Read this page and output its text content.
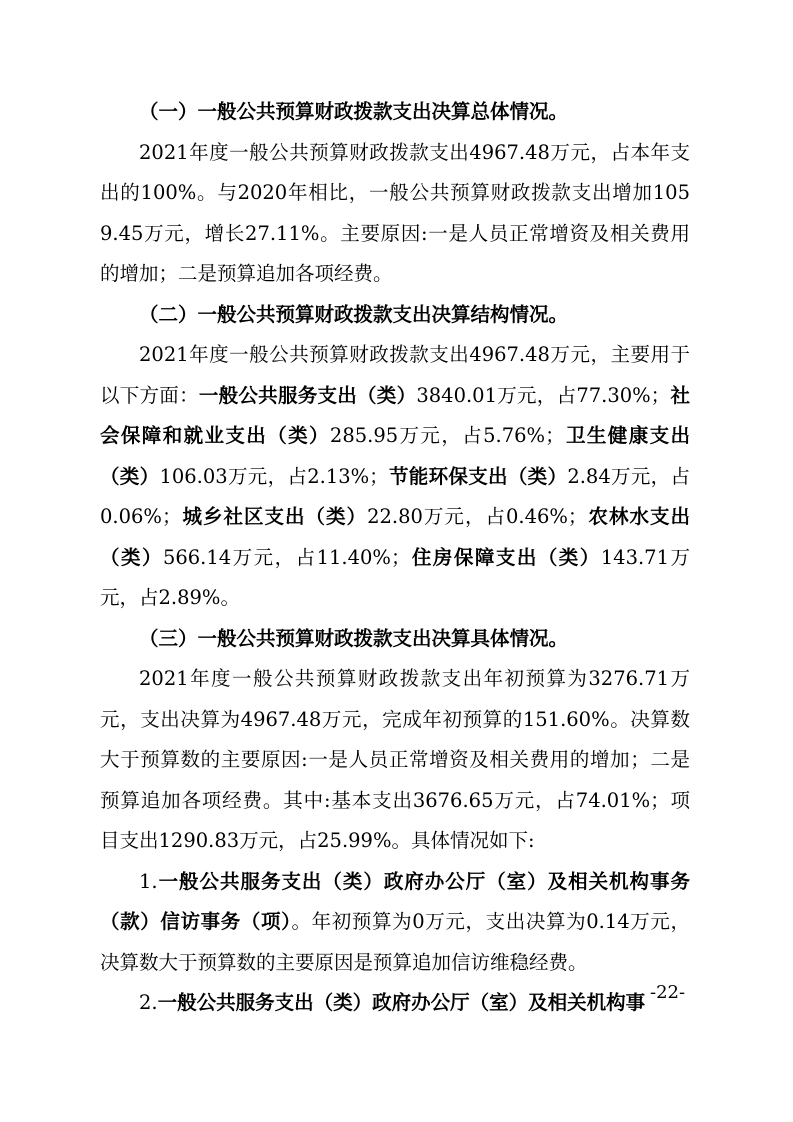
（一）一般公共预算财政拨款支出决算总体情况。

2021年度一般公共预算财政拨款支出4967.48万元，占本年支出的100%。与2020年相比，一般公共预算财政拨款支出增加1059.45万元，增长27.11%。主要原因:一是人员正常增资及相关费用的增加；二是预算追加各项经费。

（二）一般公共预算财政拨款支出决算结构情况。

2021年度一般公共预算财政拨款支出4967.48万元，主要用于以下方面：一般公共服务支出（类）3840.01万元，占77.30%；社会保障和就业支出（类）285.95万元，占5.76%；卫生健康支出（类）106.03万元，占2.13%；节能环保支出（类）2.84万元，占0.06%；城乡社区支出（类）22.80万元，占0.46%；农林水支出（类）566.14万元，占11.40%；住房保障支出（类）143.71万元，占2.89%。

（三）一般公共预算财政拨款支出决算具体情况。

2021年度一般公共预算财政拨款支出年初预算为3276.71万元，支出决算为4967.48万元，完成年初预算的151.60%。决算数大于预算数的主要原因:一是人员正常增资及相关费用的增加；二是预算追加各项经费。其中:基本支出3676.65万元，占74.01%；项目支出1290.83万元，占25.99%。具体情况如下:

1.一般公共服务支出（类）政府办公厅（室）及相关机构事务（款）信访事务（项）。年初预算为0万元，支出决算为0.14万元，决算数大于预算数的主要原因是预算追加信访维稳经费。

2.一般公共服务支出（类）政府办公厅（室）及相关机构事 -22-
